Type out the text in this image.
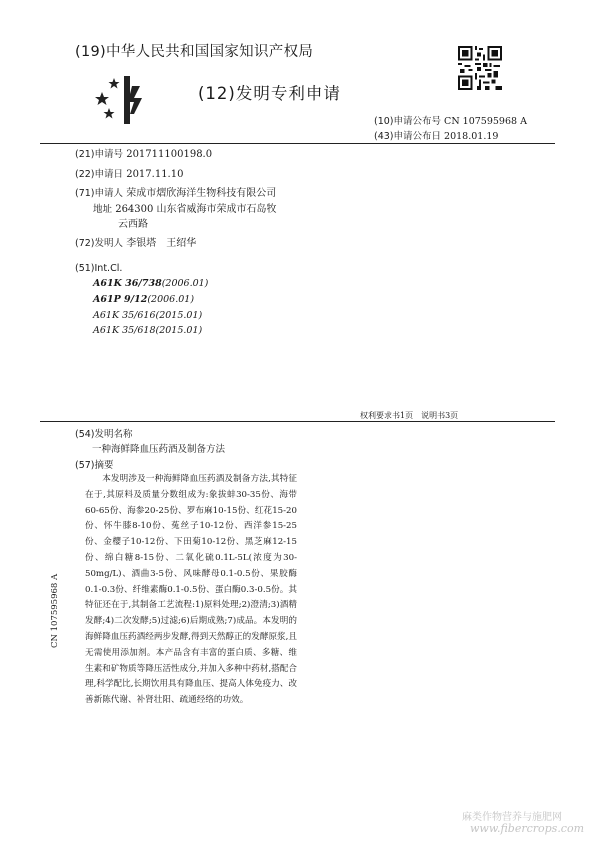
(19)中华人民共和国国家知识产权局
(12)发明专利申请
(10)申请公布号 CN 107595968 A
(43)申请公布日 2018.01.19
(21)申请号 201711100198.0
(22)申请日 2017.11.10
(71)申请人 荣成市熠欣海洋生物科技有限公司
地址 264300 山东省威海市荣成市石岛牧
云西路
(72)发明人 李银塔　王绍华
(51)Int.Cl.
A61K 36/738(2006.01)
A61P 9/12(2006.01)
A61K 35/616(2015.01)
A61K 35/618(2015.01)
权利要求书1页　说明书3页
(54)发明名称
一种海鲜降血压药酒及制备方法
(57)摘要
本发明涉及一种海鲜降血压药酒及制备方法,其特征在于,其原料及质量分数组成为:象拔蚌30-35份、海带60-65份、海参20-25份、罗布麻10-15份、红花15-20份、怀牛膝8-10份、菟丝子10-12份、西洋参15-25份、金樱子10-12份、下田菊10-12份、黑芝麻12-15份、绵白糖8-15份、二氧化硫0.1L-5L(浓度为30-50mg/L)、酒曲3-5份、风味酵母0.1-0.5份、果胶酶0.1-0.3份、纤维素酶0.1-0.5份、蛋白酶0.3-0.5份。其特征还在于,其制备工艺流程:1)原料处理;2)澄清;3)酒精发酵;4)二次发酵;5)过滤;6)后期成熟;7)成品。本发明的海鲜降血压药酒经两步发酵,得到天然醇正的发酵原浆,且无需使用添加剂。本产品含有丰富的蛋白质、多糖、维生素和矿物质等降压活性成分,并加入多种中药材,搭配合理,科学配比,长期饮用具有降血压、提高人体免疫力、改善新陈代谢、补肾壮阳、疏通经络的功效。
CN 107595968 A
麻类作物营养与施肥网
www.fibercrops.com
